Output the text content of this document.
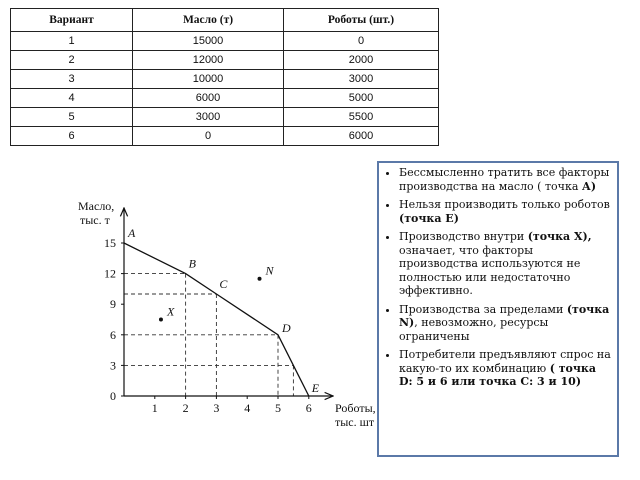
Вариант	Масло (т)	Роботы (шт.)
1	15000	0
2	12000	2000
3	10000	3000
4	6000	5000
5	3000	5500
6	0	6000
15
12
9
6
3
0
1 2 3 4 5 6
A
B
C
D
E
N
X
Масло,
тыс. т
Роботы,
тыс. шт
• Бессмысленно тратить все факторы производства на масло ( точка А)
• Нельзя производить только роботов (точка Е)
• Производство внутри (точка X), означает, что факторы производства используются не полностью или недостаточно эффективно.
• Производства за пределами (точка N), невозможно, ресурсы ограничены
• Потребители предъявляют спрос на какую-то их комбинацию ( точка D: 5 и 6 или точка С: 3 и 10)
